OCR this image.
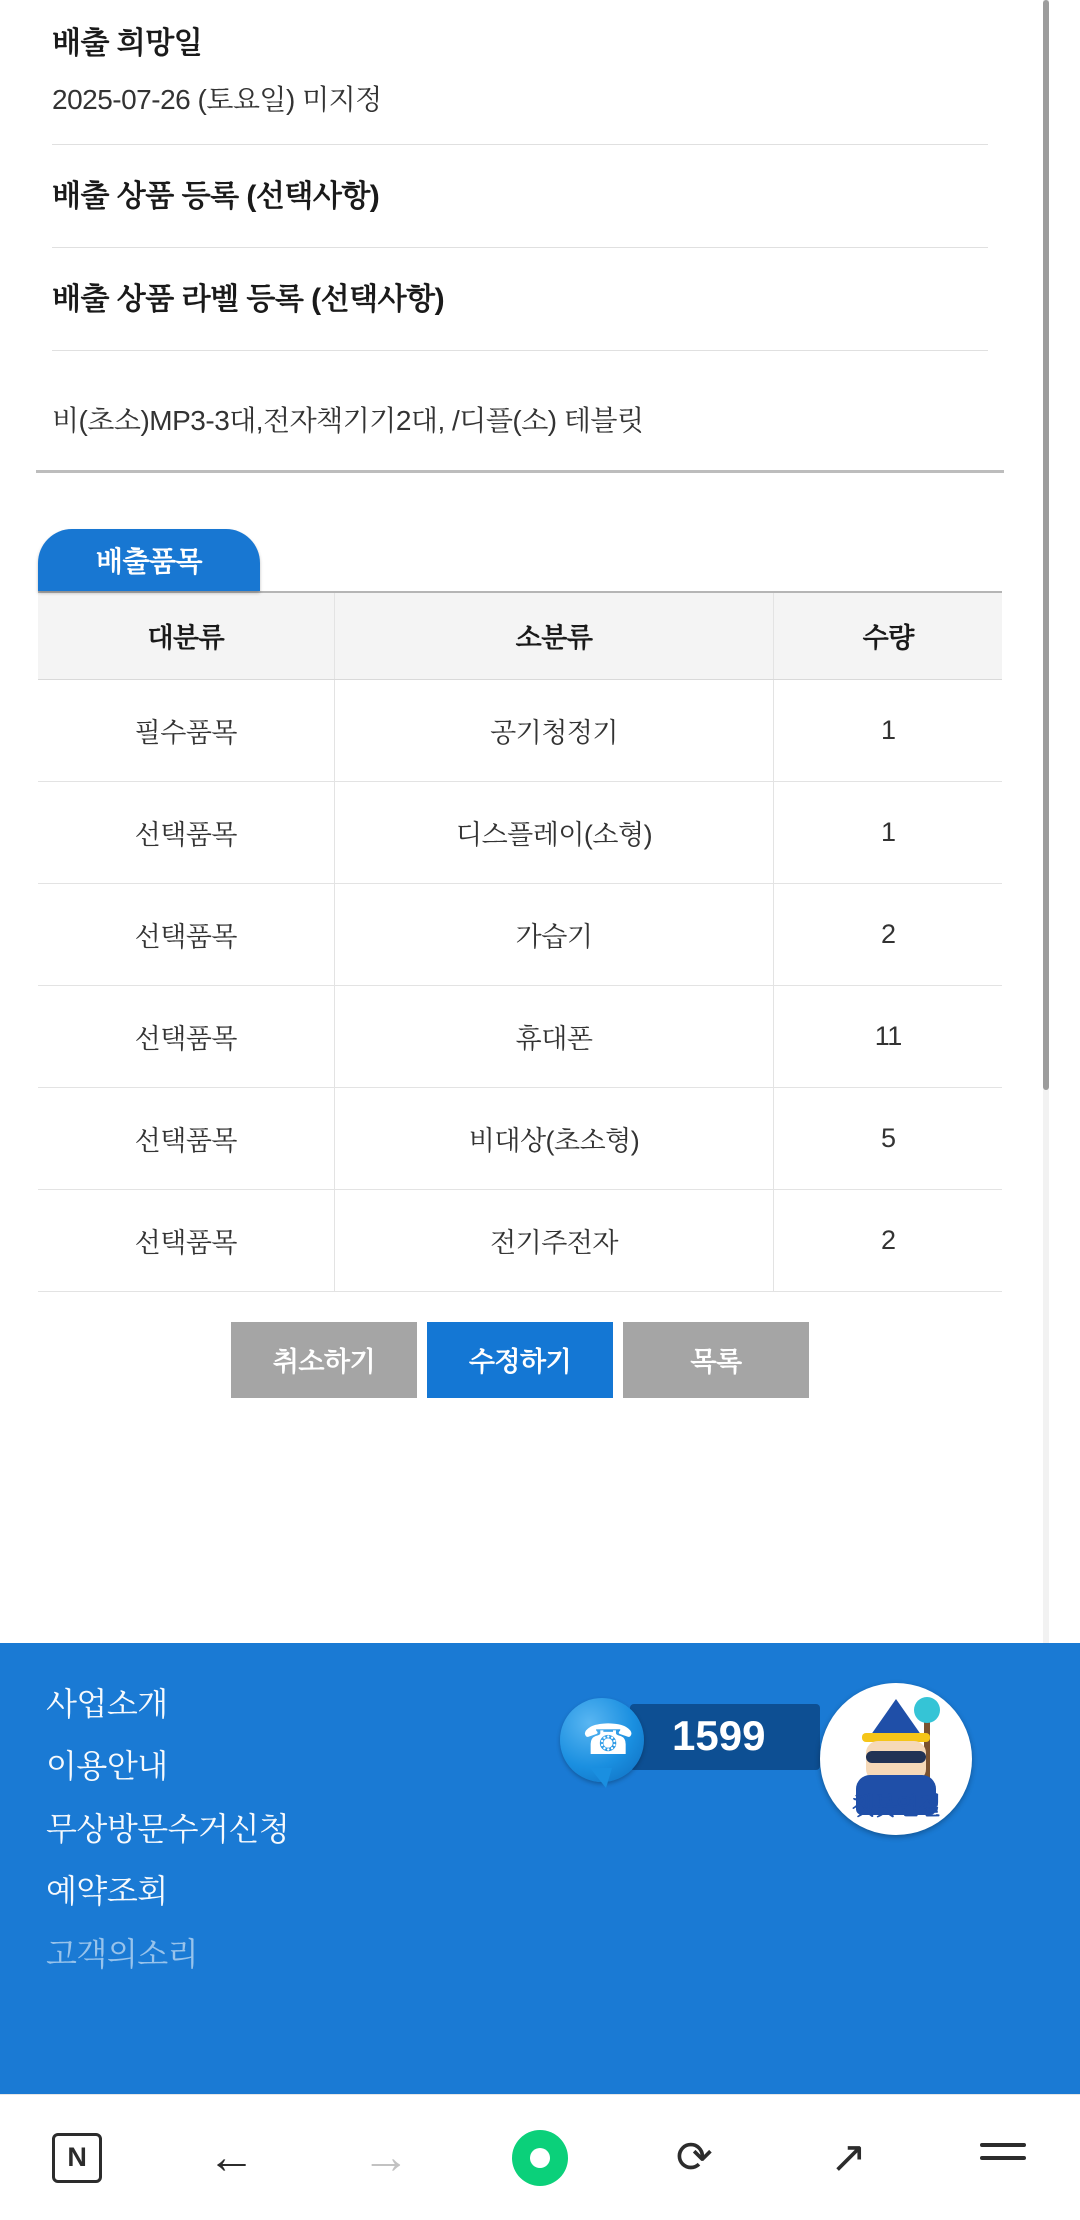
배출 희망일
2025-07-26 (토요일) 미지정
배출 상품 등록 (선택사항)
배출 상품 라벨 등록 (선택사항)
비(초소)MP3-3대,전자책기기2대, /디플(소) 테블릿
배출품목
대분류	소분류	수량
필수품목	공기청정기	1
선택품목	디스플레이(소형)	1
선택품목	가습기	2
선택품목	휴대폰	11
선택품목	비대상(초소형)	5
선택품목	전기주전자	2
취소하기	수정하기	목록
사업소개
이용안내
무상방문수거신청
예약조회
고객의소리
☎ 1599
챗봇연결
N	← →	⟳	↗
